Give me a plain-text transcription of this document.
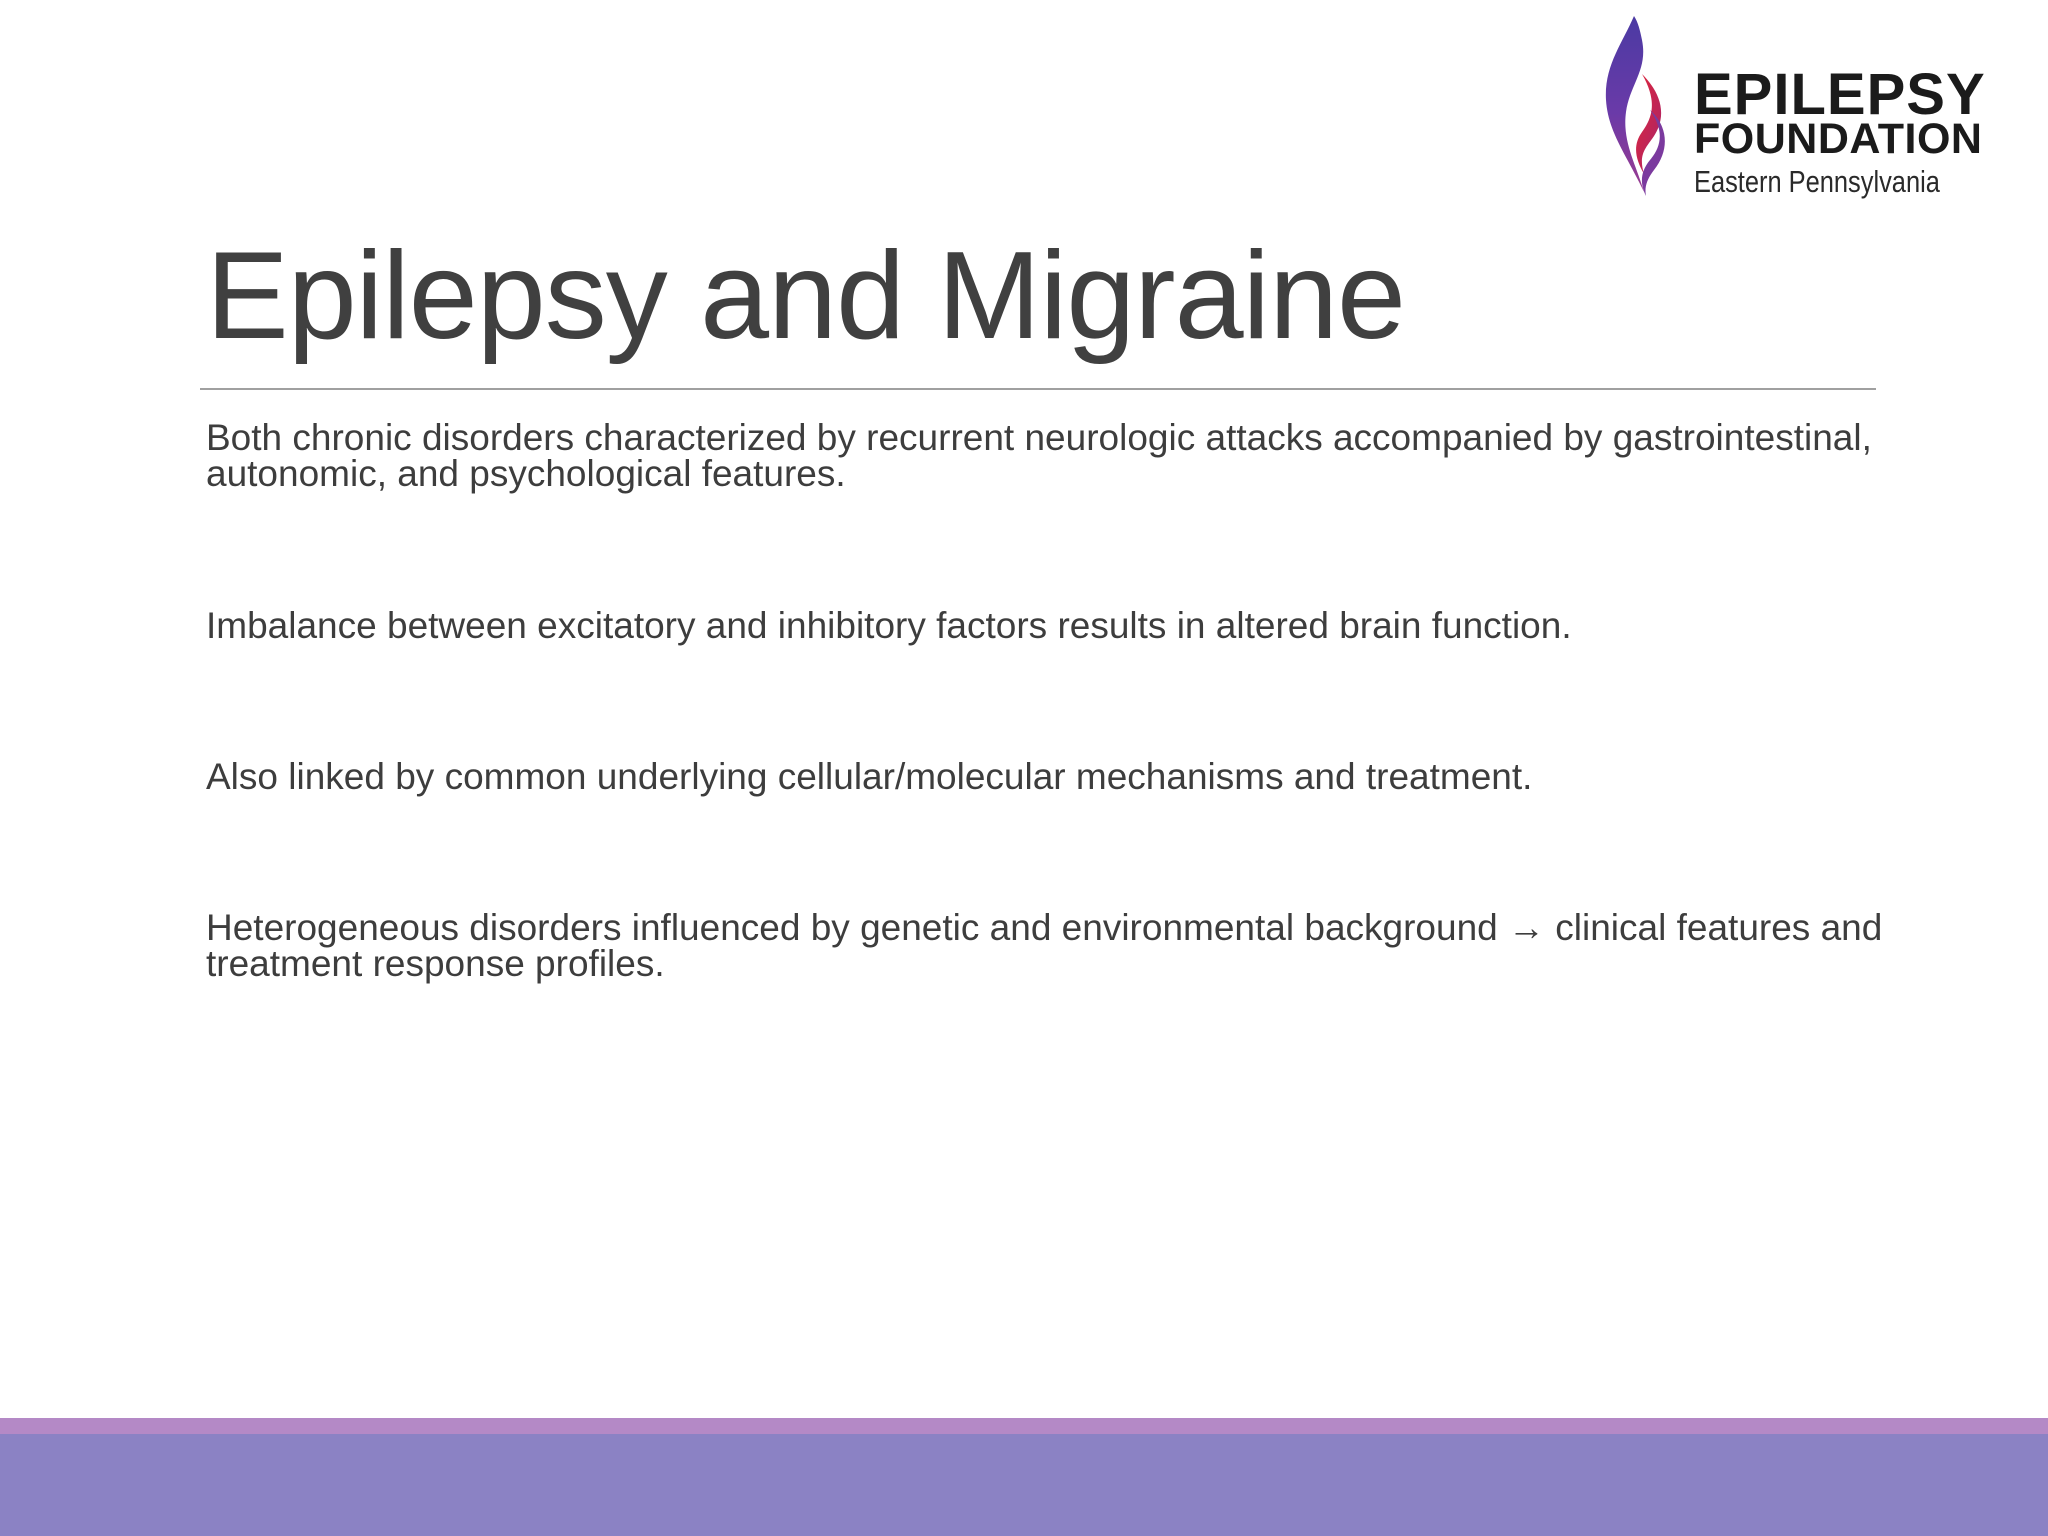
EPILEPSY
FOUNDATION
Eastern Pennsylvania
Epilepsy and Migraine

Both chronic disorders characterized by recurrent neurologic attacks accompanied by gastrointestinal, autonomic, and psychological features.

Imbalance between excitatory and inhibitory factors results in altered brain function.

Also linked by common underlying cellular/molecular mechanisms and treatment.

Heterogeneous disorders influenced by genetic and environmental background → clinical features and treatment response profiles.
